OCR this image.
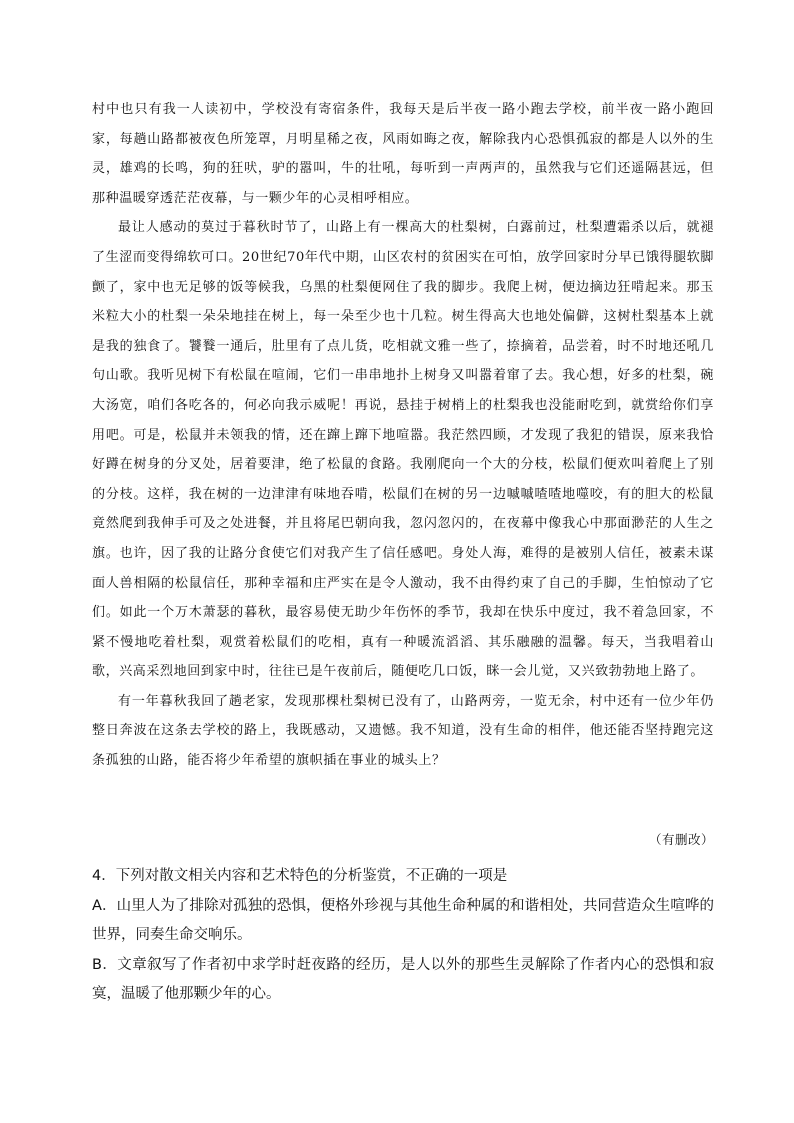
村中也只有我一人读初中，学校没有寄宿条件，我每天是后半夜一路小跑去学校，前半夜一路小跑回家，每趟山路都被夜色所笼罩，月明星稀之夜，风雨如晦之夜，解除我内心恐惧孤寂的都是人以外的生灵，雄鸡的长鸣，狗的狂吠，驴的嚣叫，牛的壮吼，每听到一声两声的，虽然我与它们还遥隔甚远，但那种温暖穿透茫茫夜幕，与一颗少年的心灵相呼相应。

最让人感动的莫过于暮秋时节了，山路上有一棵高大的杜梨树，白露前过，杜梨遭霜杀以后，就褪了生涩而变得绵软可口。20世纪70年代中期，山区农村的贫困实在可怕，放学回家时分早已饿得腿软脚颤了，家中也无足够的饭等候我，乌黑的杜梨便网住了我的脚步。我爬上树，便边摘边狂啃起来。那玉米粒大小的杜梨一朵朵地挂在树上，每一朵至少也十几粒。树生得高大也地处偏僻，这树杜梨基本上就是我的独食了。饕餮一通后，肚里有了点儿货，吃相就文雅一些了，捺摘着，品尝着，时不时地还吼几句山歌。我听见树下有松鼠在喧闹，它们一串串地扑上树身又叫嚣着窜了去。我心想，好多的杜梨，碗大汤宽，咱们各吃各的，何必向我示威呢！再说，悬挂于树梢上的杜梨我也没能耐吃到，就赏给你们享用吧。可是，松鼠并未领我的情，还在蹿上蹿下地喧嚣。我茫然四顾，才发现了我犯的错误，原来我恰好蹲在树身的分叉处，居着要津，绝了松鼠的食路。我刚爬向一个大的分枝，松鼠们便欢叫着爬上了别的分枝。这样，我在树的一边津津有味地吞啃，松鼠们在树的另一边嘁嘁喳喳地噬咬，有的胆大的松鼠竟然爬到我伸手可及之处进餐，并且将尾巴朝向我，忽闪忽闪的，在夜幕中像我心中那面渺茫的人生之旗。也许，因了我的让路分食使它们对我产生了信任感吧。身处人海，难得的是被别人信任，被素未谋面人兽相隔的松鼠信任，那种幸福和庄严实在是令人激动，我不由得约束了自己的手脚，生怕惊动了它们。如此一个万木萧瑟的暮秋，最容易使无助少年伤怀的季节，我却在快乐中度过，我不着急回家，不紧不慢地吃着杜梨，观赏着松鼠们的吃相，真有一种暖流滔滔、其乐融融的温馨。每天，当我唱着山歌，兴高采烈地回到家中时，往往已是午夜前后，随便吃几口饭，眯一会儿觉，又兴致勃勃地上路了。

有一年暮秋我回了趟老家，发现那棵杜梨树已没有了，山路两旁，一览无余，村中还有一位少年仍整日奔波在这条去学校的路上，我既感动，又遗憾。我不知道，没有生命的相伴，他还能否坚持跑完这条孤独的山路，能否将少年希望的旗帜插在事业的城头上？

（有删改）

4．下列对散文相关内容和艺术特色的分析鉴赏，不正确的一项是

A．山里人为了排除对孤独的恐惧，便格外珍视与其他生命种属的和谐相处，共同营造众生喧哗的世界，同奏生命交响乐。

B．文章叙写了作者初中求学时赶夜路的经历，是人以外的那些生灵解除了作者内心的恐惧和寂寞，温暖了他那颗少年的心。
